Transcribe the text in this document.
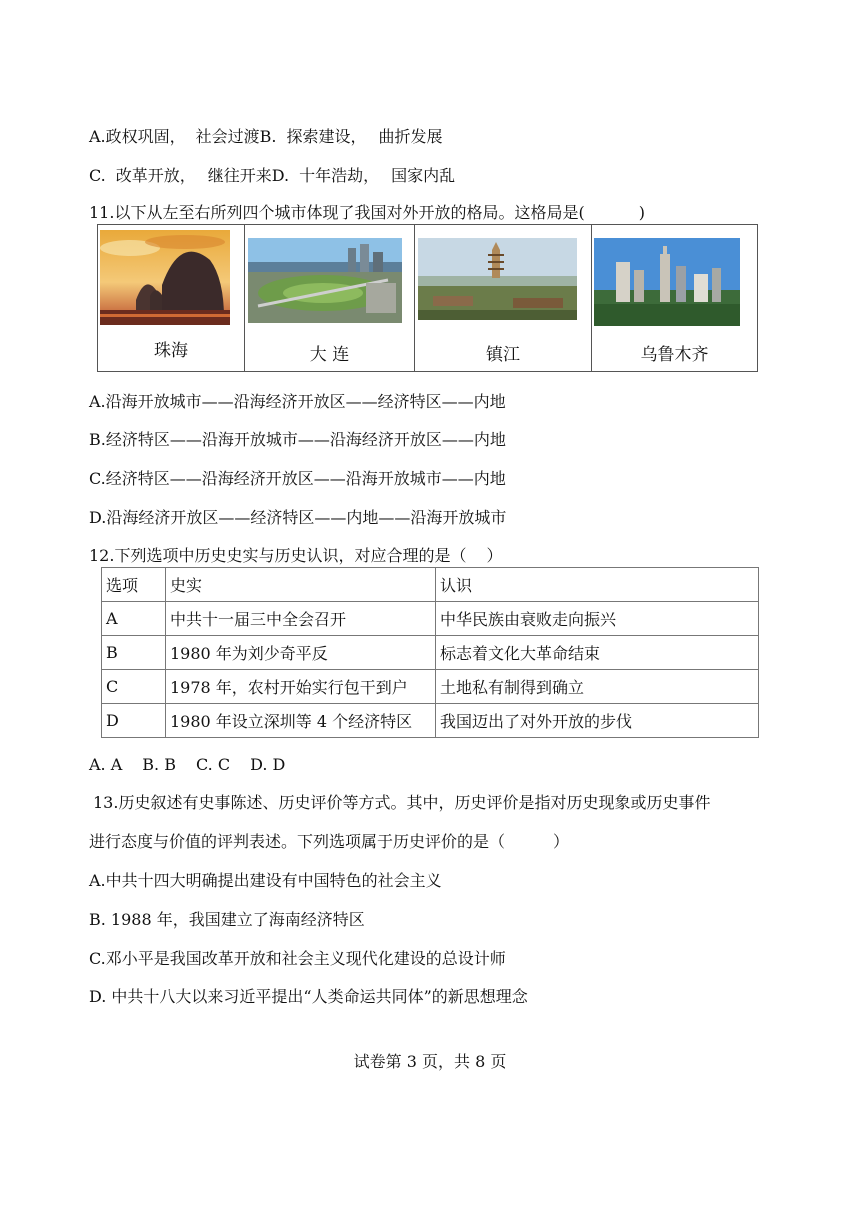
A.政权巩固， 社会过渡B. 探索建设， 曲折发展
C. 改革开放， 继往开来D. 十年浩劫， 国家内乱
11.以下从左至右所列四个城市体现了我国对外开放的格局。这格局是(	)
珠海	大 连	镇江	乌鲁木齐
A.沿海开放城市——沿海经济开放区——经济特区——内地
B.经济特区——沿海开放城市——沿海经济开放区——内地
C.经济特区——沿海经济开放区——沿海开放城市——内地
D.沿海经济开放区——经济特区——内地——沿海开放城市
12.下列选项中历史史实与历史认识，对应合理的是（ ）
选项	史实	认识
A	中共十一届三中全会召开	中华民族由衰败走向振兴
B	1980 年为刘少奇平反	标志着文化大革命结束
C	1978 年，农村开始实行包干到户	土地私有制得到确立
D	1980 年设立深圳等 4 个经济特区	我国迈出了对外开放的步伐
A. A B. B C. C D. D
13.历史叙述有史事陈述、历史评价等方式。其中，历史评价是指对历史现象或历史事件
进行态度与价值的评判表述。下列选项属于历史评价的是（	）
A.中共十四大明确提出建设有中国特色的社会主义
B. 1988 年，我国建立了海南经济特区
C.邓小平是我国改革开放和社会主义现代化建设的总设计师
D. 中共十八大以来习近平提出“人类命运共同体”的新思想理念
试卷第 3 页，共 8 页
